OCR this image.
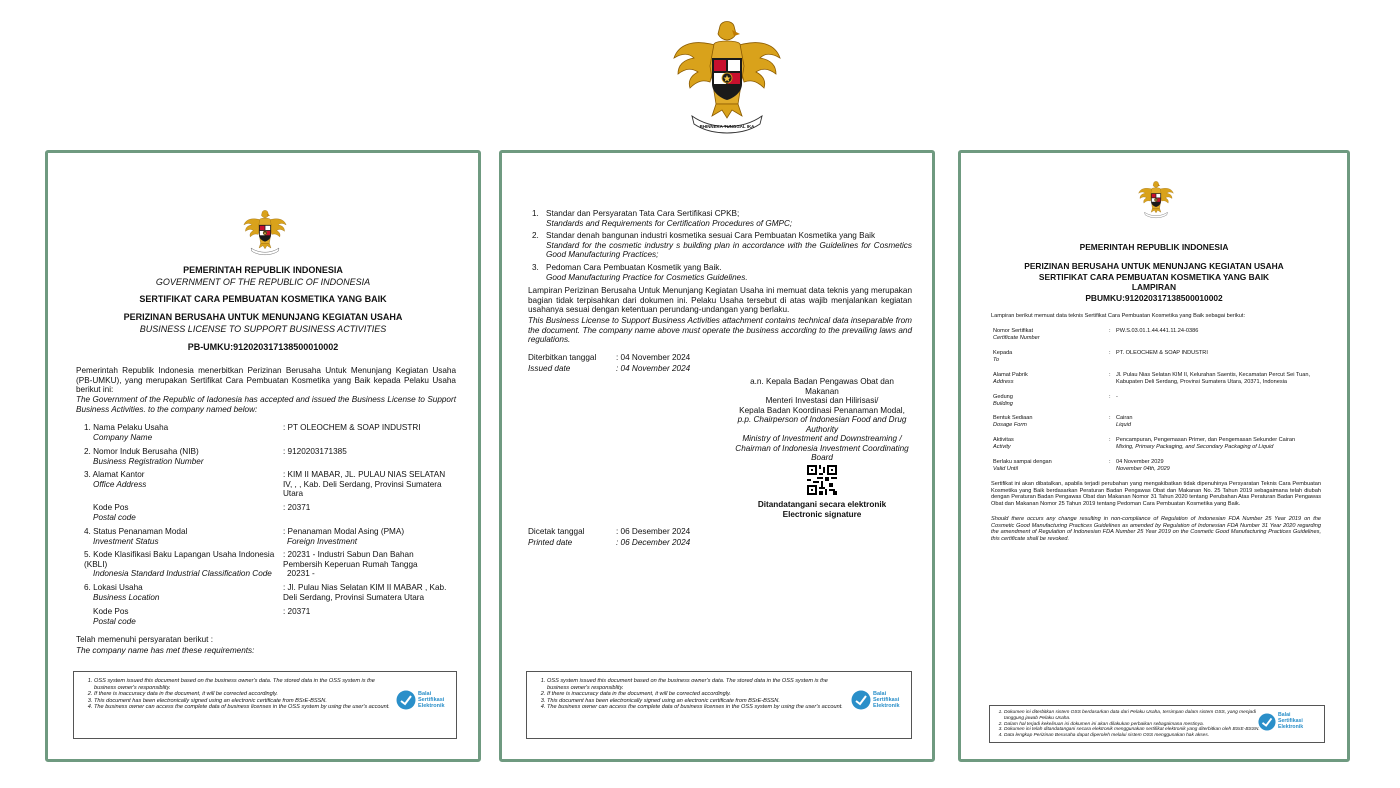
BHINNEKA TUNGGAL IKA
PEMERINTAH REPUBLIK INDONESIA
GOVERNMENT OF THE REPUBLIC OF INDONESIA
SERTIFIKAT CARA PEMBUATAN KOSMETIKA YANG BAIK
PERIZINAN BERUSAHA UNTUK MENUNJANG KEGIATAN USAHA
BUSINESS LICENSE TO SUPPORT BUSINESS ACTIVITIES
PB-UMKU:912020317138500010002

Pemerintah Republik Indonesia menerbitkan Perizinan Berusaha Untuk Menunjang Kegiatan Usaha (PB-UMKU), yang merupakan Sertifikat Cara Pembuatan Kosmetika yang Baik kepada Pelaku Usaha berikut ini:

The Government of the Republic of Iadonesia has accepted and issued the Business License to Support Business Activities. to the company named below:

1. Nama Pelaku Usaha
Company Name
: PT OLEOCHEM & SOAP INDUSTRI
2. Nomor Induk Berusaha (NIB)
Business Registration Number
: 9120203171385
3. Alamat Kantor
Office Address
: KIM II MABAR, JL. PULAU NIAS SELATAN IV, , , Kab. Deli Serdang, Provinsi Sumatera Utara
Kode Pos
Postal code
: 20371
4. Status Penanaman Modal
Investment Status
: Penanaman Modal Asing (PMA)
Foreign Investment
5. Kode Klasifikasi Baku Lapangan Usaha Indonesia (KBLI)
Indonesia Standard Industrial Classification Code
: 20231 - Industri Sabun Dan Bahan Pembersih Keperuan Rumah Tangga
20231 -
6. Lokasi Usaha
Business Location
: Jl. Pulau Nias Selatan KIM II MABAR , Kab. Deli Serdang, Provinsi Sumatera Utara
Kode Pos
Postal code
: 20371
Telah memenuhi persyaratan berikut :
The company name has met these requirements:
1. OSS system issued this document based on the business owner's data. The stored data in the OSS system is the business owner's responsiblity.
2. If there is inaccuracy data in the document, it will be corrected accordingly.
3. This document has been electronically signed using an electronic certificate from BSrE-BSSN.
4. The business owner can access the complete data of business licenses in the OSS system by using the user's account.
Balai
Sertifikasi
Elektronik
1. Standar dan Persyaratan Tata Cara Sertifikasi CPKB;
Standards and Requirements for Certification Procedures of GMPC;
2. Standar denah bangunan industri kosmetika sesuai Cara Pembuatan Kosmetika yang Baik
Standard for the cosmetic industry s building plan in accordance with the Guidelines for Cosmetics Good Manufacturing Practices;
3. Pedoman Cara Pembuatan Kosmetik yang Baik.
Good Manufacturing Practice for Cosmetics Guidelines.

Lampiran Perizinan Berusaha Untuk Menunjang Kegiatan Usaha ini memuat data teknis yang merupakan bagian tidak terpisahkan dari dokumen ini. Pelaku Usaha tersebut di atas wajib menjalankan kegiatan usahanya sesuai dengan ketentuan perundang-undangan yang berlaku.

This Business License to Support Business Activities attachment contains technical data inseparable from the document. The company name above must operate the business according to the prevailing laws and regulations.

Diterbitkan tanggal : 04 November 2024
Issued date	: 04 November 2024
a.n. Kepala Badan Pengawas Obat dan Makanan
Menteri Investasi dan Hilirisasi/
Kepala Badan Koordinasi Penanaman Modal,
p.p. Chairperson of Indonesian Food and Drug Authority
Ministry of Investment and Downstreaming / Chairman of Indonesia Investment Coordinating Board
Ditandatangani secara elektronik
Electronic signature
Dicetak tanggal	: 06 Desember 2024
Printed date	: 06 December 2024
1. OSS system issued this document based on the business owner's data. The stored data in the OSS system is the business owner's responsiblity.
2. If there is inaccuracy data in the document, it will be corrected accordingly.
3. This document has been electronically signed using an electronic certificate from BSrE-BSSN.
4. The business owner can access the complete data of business licenses in the OSS system by using the user's account.
Balai
Sertifikasi
Elektronik
PEMERINTAH REPUBLIK INDONESIA
PERIZINAN BERUSAHA UNTUK MENUNJANG KEGIATAN USAHA
SERTIFIKAT CARA PEMBUATAN KOSMETIKA YANG BAIK
LAMPIRAN
PBUMKU:912020317138500010002
Lampiran berikut memuat data teknis Sertifikat Cara Pembuatan Kosmetika yang Baik sebagai berikut:
Nomor Sertifikat
Certificate Number
: PW.S.03.01.1.44.441.11.24-0386
Kepada
To
: PT. OLEOCHEM & SOAP INDUSTRI
Alamat Pabrik
Address
: Jl. Pulau Nias Selatan KIM II, Kelurahan Saentis, Kecamatan Percut Sei Tuan, Kabupaten Deli Serdang, Provinsi Sumatera Utara, 20371, Indonesia
Gedung
Building
: -
Bentuk Sediaan
Dosage Form
: Cairan
Liquid
Aktivitas
Activity
: Pencampuran, Pengemasan Primer, dan Pengemasan Sekunder Cairan
Mixing, Primary Packaging, and Secondary Packaging of Liquid
Berlaku sampai dengan
Valid Until
: 04 November 2029
November 04th, 2029

Sertifikat ini akan dibatalkan, apabila terjadi perubahan yang mengakibatkan tidak dipenuhinya Persyaratan Teknis Cara Pembuatan Kosmetika yang Baik berdasarkan Peraturan Badan Pengawas Obat dan Makanan No. 25 Tahun 2019 sebagaimana telah diubah dengan Peraturan Badan Pengawas Obat dan Makanan Nomor 31 Tahun 2020 tentang Perubahan Atas Peraturan Badan Pengawas Obat dan Makanan Nomor 25 Tahun 2019 tentang Pedoman Cara Pembuatan Kosmetika yang Baik.

Should there occurs any change resulting in non-compliance of Regulation of Indonesian FDA Number 25 Year 2019 on the Cosmetic Good Manufacturing Practices Guidelines as amended by Regulation of Indonesian FDA Number 31 Year 2020 regarding the amendment of Regulation of Indonesian FDA Number 25 Year 2019 on the Cosmetic Good Manufacturing Practices Guidelines, this certificate shall be revoked.

1. Dokumen ini diterbitkan sistem OSS berdasarkan data dari Pelaku Usaha, tersimpan dalam sistem OSS, yang menjadi tanggung jawab Pelaku Usaha.
2. Dalam hal terjadi kekeliruan isi dokumen ini akan dilakukan perbaikan sebagaimana mestinya.
3. Dokumen ini telah ditandatangani secara elektronik menggunakan sertifikat elektronik yang diterbitkan oleh BSrE-BSSN.
4. Data lengkap Perizinan Berusaha dapat diperoleh melalui sistem OSS menggunakan hak akses.
Balai
Sertifikasi
Elektronik
